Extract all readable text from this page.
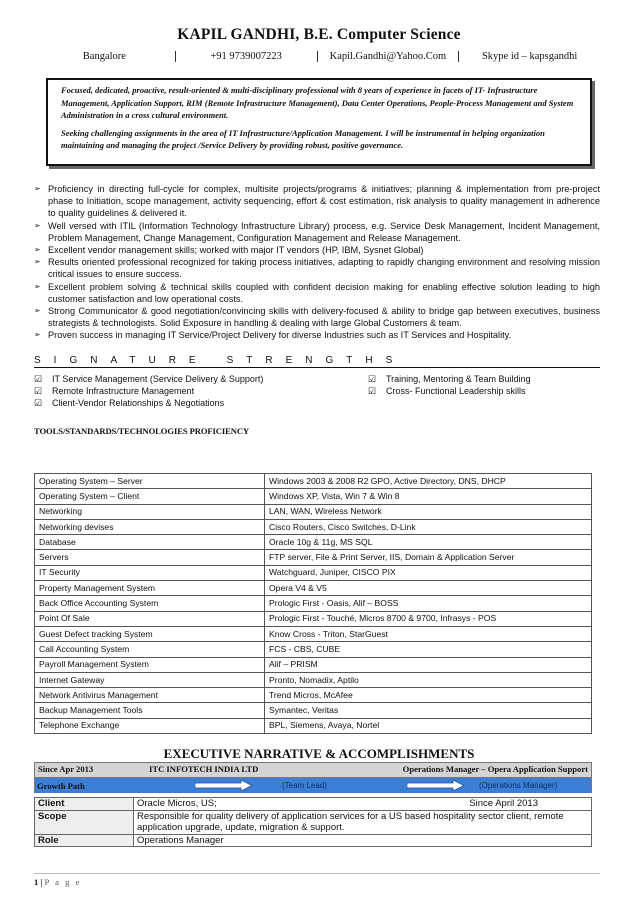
KAPIL GANDHI, B.E. Computer Science
Bangalore	+91 9739007223	Kapil.Gandhi@Yahoo.Com	Skype id – kapsgandhi

Focused, dedicated, proactive, result-oriented & multi-disciplinary professional with 8 years of experience in facets of IT- Infrastructure Management, Application Support, RIM (Remote Infrastructure Management), Data Center Operations, People-Process Management and System Administration in a cross cultural environment.

Seeking challenging assignments in the area of IT Infrastructure/Application Management. I will be instrumental in helping organization maintaining and managing the project /Service Delivery by providing robust, positive governance.

➢ Proficiency in directing full-cycle for complex, multisite projects/programs & initiatives; planning & implementation from pre-project phase to Initiation, scope management, activity sequencing, effort & cost estimation, risk analysis to quality management in adherence to quality guidelines & delivered it.
➢ Well versed with ITIL (Information Technology Infrastructure Library) process, e.g. Service Desk Management, Incident Management, Problem Management, Change Management, Configuration Management and Release Management.
➢ Excellent vendor management skills; worked with major IT vendors (HP, IBM, Sysnet Global)
➢ Results oriented professional recognized for taking process initiatives, adapting to rapidly changing environment and resolving mission critical issues to ensure success.
➢ Excellent problem solving & technical skills coupled with confident decision making for enabling effective solution leading to high customer satisfaction and low operational costs.
➢ Strong Communicator & good negotiation/convincing skills with delivery-focused & ability to bridge gap between executives, business strategists & technologists. Solid Exposure in handling & dealing with large Global Customers & team.
➢ Proven success in managing IT Service/Project Delivery for diverse Industries such as IT Services and Hospitality.
SIGNATURE STRENGTHS
☑ IT Service Management (Service Delivery & Support)
☑ Remote Infrastructure Management
☑ Client-Vendor Relationships & Negotiations
☑ Training, Mentoring & Team Building
☑ Cross- Functional Leadership skills
TOOLS/STANDARDS/TECHNOLOGIES PROFICIENCY
Operating System – Server	Windows 2003 & 2008 R2 GPO, Active Directory, DNS, DHCP
Operating System – Client	Windows XP, Vista, Win 7 & Win 8
Networking	LAN, WAN, Wireless Network
Networking devises	Cisco Routers, Cisco Switches, D-Link
Database	Oracle 10g & 11g, MS SQL
Servers	FTP server, File & Print Server, IIS, Domain & Application Server
IT Security	Watchguard, Juniper, CISCO PIX
Property Management System	Opera V4 & V5
Back Office Accounting System	Prologic First - Oasis, Alif – BOSS
Point Of Sale	Prologic First - Touché, Micros 8700 & 9700, Infrasys - POS
Guest Defect tracking System	Know Cross - Triton, StarGuest
Call Accounting System	FCS - CBS, CUBE
Payroll Management System	Alif – PRISM
Internet Gateway	Pronto, Nomadix, Aptilo
Network Antivirus Management	Trend Micros, McAfee
Backup Management Tools	Symantec, Veritas
Telephone Exchange	BPL, Siemens, Avaya, Nortel
EXECUTIVE NARRATIVE & ACCOMPLISHMENTS
Since Apr 2013	ITC INFOTECH INDIA LTD	Operations Manager – Opera Application Support
Growth Path	(Team Lead)	(Operations Manager)
Client	Oracle Micros, US; Since April 2013

Scope	Responsible for quality delivery of application services for a US based hospitality sector client, remote application upgrade, update, migration & support.
Role	Operations Manager
1 | P a g e
